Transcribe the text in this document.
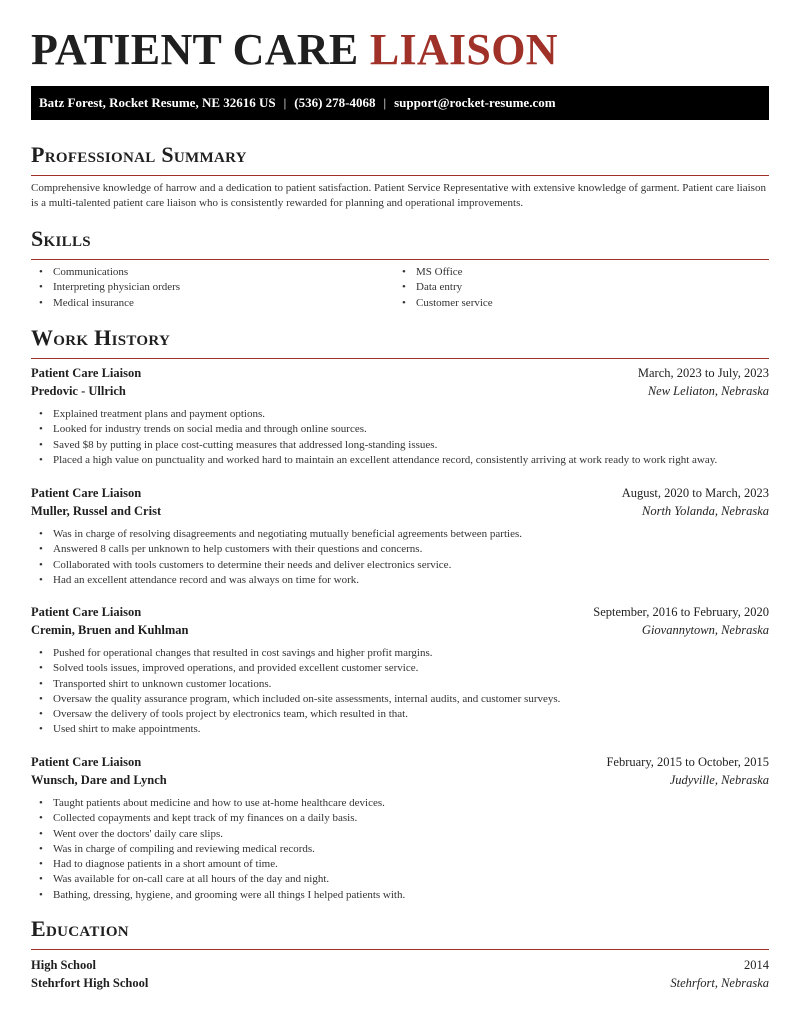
PATIENT CARE LIAISON
Batz Forest, Rocket Resume, NE 32616 US | (536) 278-4068 | support@rocket-resume.com
Professional Summary

Comprehensive knowledge of harrow and a dedication to patient satisfaction. Patient Service Representative with extensive knowledge of garment. Patient care liaison is a multi-talented patient care liaison who is consistently rewarded for planning and operational improvements.

Skills
• Communications
• Interpreting physician orders
• Medical insurance
• MS Office
• Data entry
• Customer service
Work History
Patient Care Liaison	March, 2023 to July, 2023
Predovic - Ullrich	New Leliaton, Nebraska
• Explained treatment plans and payment options.
• Looked for industry trends on social media and through online sources.
• Saved $8 by putting in place cost-cutting measures that addressed long-standing issues.
• Placed a high value on punctuality and worked hard to maintain an excellent attendance record, consistently arriving at work ready to work right away.
Patient Care Liaison	August, 2020 to March, 2023
Muller, Russel and Crist	North Yolanda, Nebraska
• Was in charge of resolving disagreements and negotiating mutually beneficial agreements between parties.
• Answered 8 calls per unknown to help customers with their questions and concerns.
• Collaborated with tools customers to determine their needs and deliver electronics service.
• Had an excellent attendance record and was always on time for work.
Patient Care Liaison	September, 2016 to February, 2020
Cremin, Bruen and Kuhlman	Giovannytown, Nebraska
• Pushed for operational changes that resulted in cost savings and higher profit margins.
• Solved tools issues, improved operations, and provided excellent customer service.
• Transported shirt to unknown customer locations.
• Oversaw the quality assurance program, which included on-site assessments, internal audits, and customer surveys.
• Oversaw the delivery of tools project by electronics team, which resulted in that.
• Used shirt to make appointments.
Patient Care Liaison	February, 2015 to October, 2015
Wunsch, Dare and Lynch	Judyville, Nebraska
• Taught patients about medicine and how to use at-home healthcare devices.
• Collected copayments and kept track of my finances on a daily basis.
• Went over the doctors' daily care slips.
• Was in charge of compiling and reviewing medical records.
• Had to diagnose patients in a short amount of time.
• Was available for on-call care at all hours of the day and night.
• Bathing, dressing, hygiene, and grooming were all things I helped patients with.
Education
High School	2014
Stehrfort High School	Stehrfort, Nebraska
